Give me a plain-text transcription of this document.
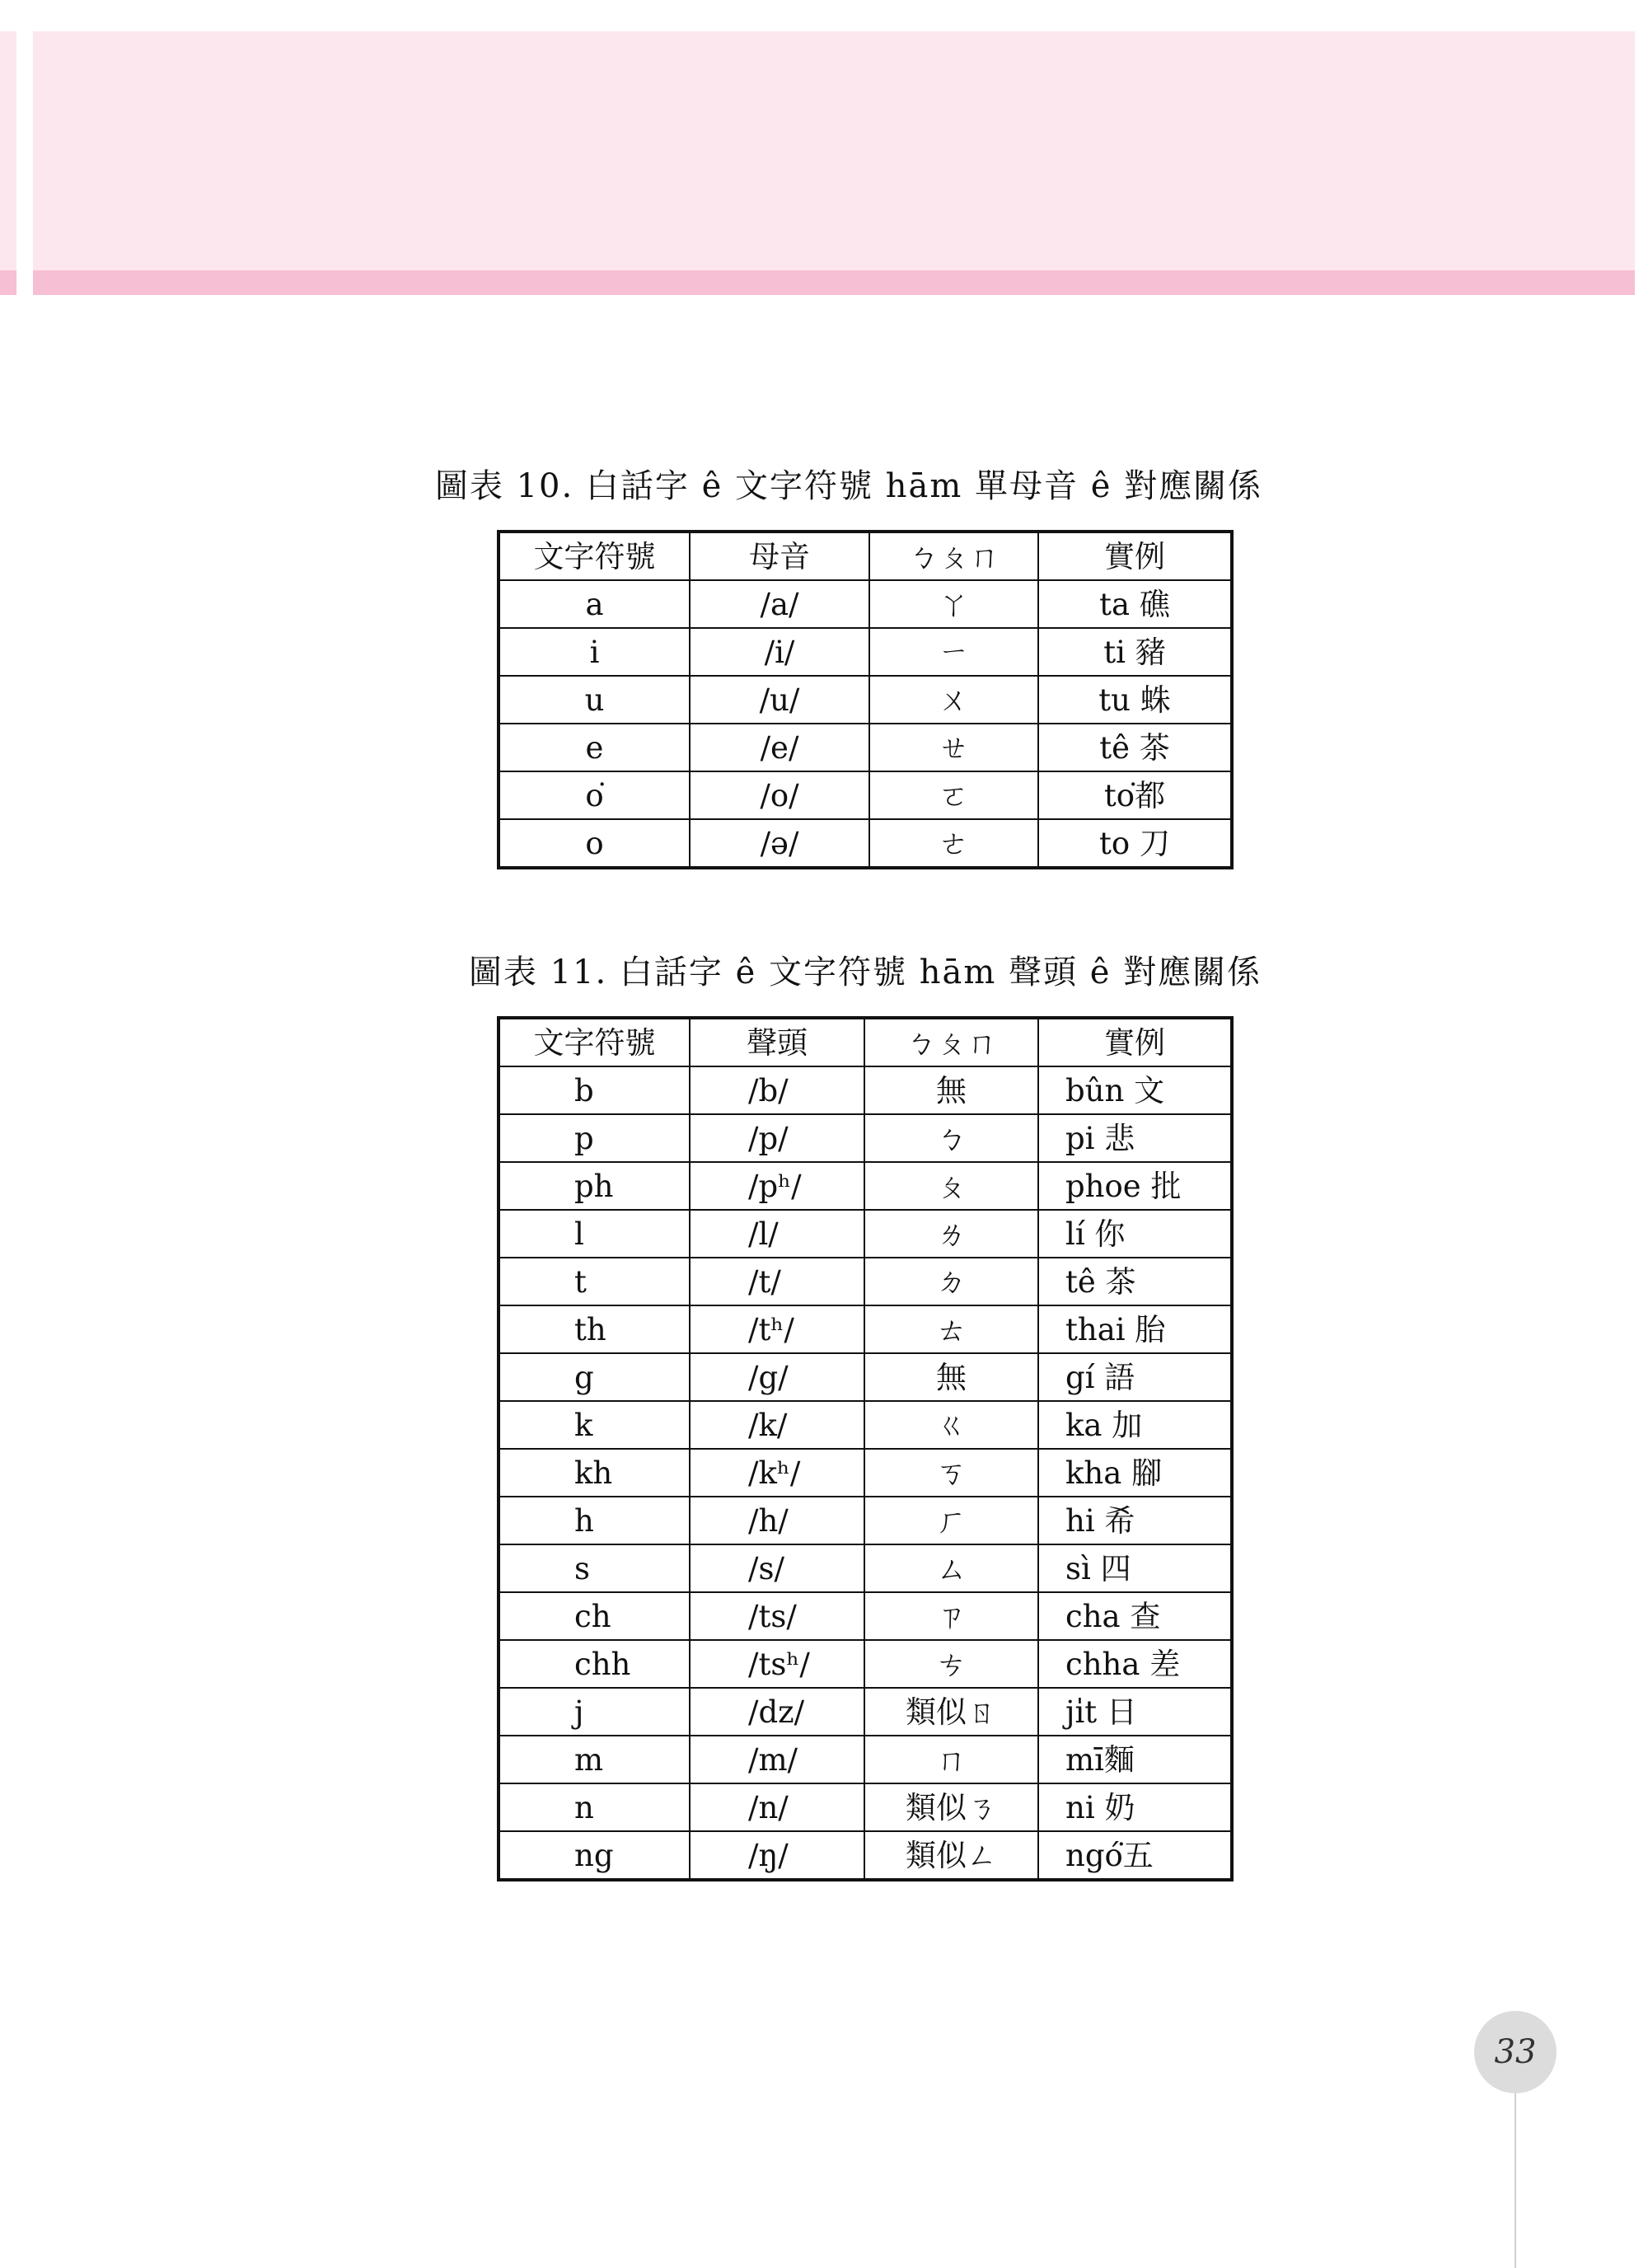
圖表 10. 白話字 ê 文字符號 hām 單母音 ê 對應關係
文字符號	母音	ㄅㄆㄇ	實例
a	/a/	ㄚ	ta 礁
i	/i/	ㄧ	ti 豬
u	/u/	ㄨ	tu 蛛
e	/e/	ㄝ	tê 茶
o͘	/o/	ㄛ	to͘都
o	/ə/	ㄜ	to 刀
圖表 11. 白話字 ê 文字符號 hām 聲頭 ê 對應關係
文字符號	聲頭	ㄅㄆㄇ	實例
b	/b/	無	bûn 文
p	/p/	ㄅ	pi 悲
ph	/pʰ/	ㄆ	phoe 批
l	/l/	ㄌ	lí 你
t	/t/	ㄉ	tê 茶
th	/tʰ/	ㄊ	thai 胎
g	/g/	無	gí 語
k	/k/	ㄍ	ka 加
kh	/kʰ/	ㄎ	kha 腳
h	/h/	ㄏ	hi 希
s	/s/	ㄙ	sì 四
ch	/ts/	ㄗ	cha 查
chh	/tsʰ/	ㄘ	chha 差
j	/dz/	類似ㄖ	jı̍t 日
m	/m/	ㄇ	mī麵
n	/n/	類似ㄋ	ni 奶
ng	/ŋ/	類似ㄥ	ngó͘五
33
